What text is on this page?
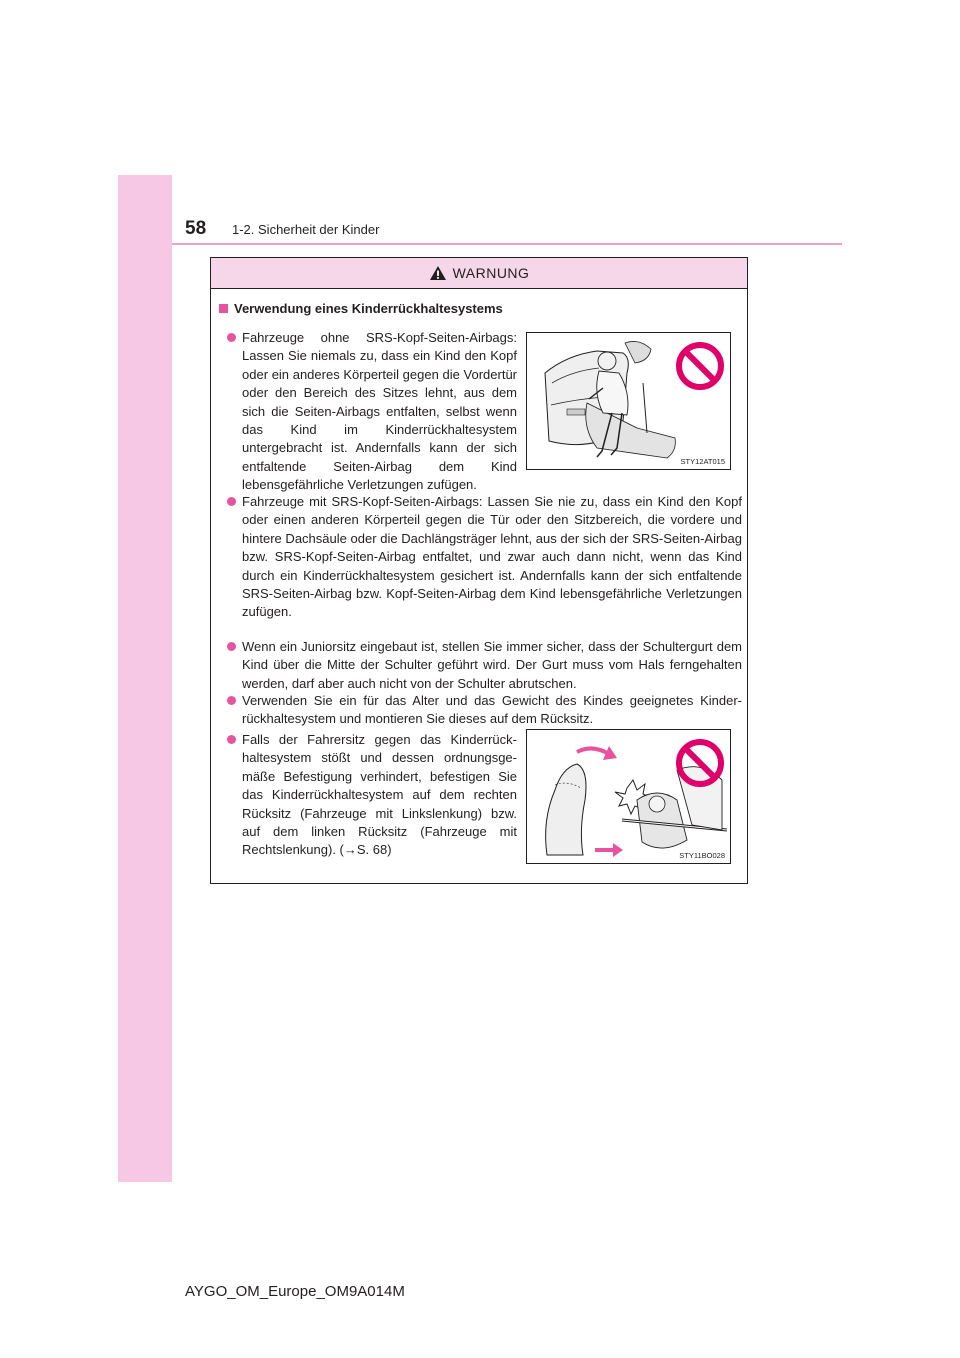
58 1-2. Sicherheit der Kinder
WARNUNG
Verwendung eines Kinderrückhaltesystems
Fahrzeuge ohne SRS-Kopf-Seiten-Airbags: Lassen Sie niemals zu, dass ein Kind den Kopf oder ein anderes Körperteil gegen die Vordertür oder den Bereich des Sitzes lehnt, aus dem sich die Seiten-Airbags entfalten, selbst wenn das Kind im Kinderrückhaltesystem untergebracht ist. Andernfalls kann der sich entfaltende Seiten-Airbag dem Kind lebensgefährliche Verletzungen zufügen.
STY12AT015
Fahrzeuge mit SRS-Kopf-Seiten-Airbags: Lassen Sie nie zu, dass ein Kind den Kopf oder einen anderen Körperteil gegen die Tür oder den Sitzbereich, die vordere und hintere Dachsäule oder die Dachlängsträger lehnt, aus der sich der SRS-Seiten-Airbag bzw. SRS-Kopf-Seiten-Airbag entfaltet, und zwar auch dann nicht, wenn das Kind durch ein Kinderrückhaltesystem gesichert ist. Andernfalls kann der sich entfaltende SRS-Seiten-Airbag bzw. Kopf-Seiten-Airbag dem Kind lebensgefährliche Verletzungen zufügen.
Wenn ein Juniorsitz eingebaut ist, stellen Sie immer sicher, dass der Schultergurt dem Kind über die Mitte der Schulter geführt wird. Der Gurt muss vom Hals ferngehalten werden, darf aber auch nicht von der Schulter abrutschen.
Verwenden Sie ein für das Alter und das Gewicht des Kindes geeignetes Kinderrückhaltesystem und montieren Sie dieses auf dem Rücksitz.
Falls der Fahrersitz gegen das Kinderrückhaltesystem stößt und dessen ordnungsgemäße Befestigung verhindert, befestigen Sie das Kinderrückhaltesystem auf dem rechten Rücksitz (Fahrzeuge mit Linkslenkung) bzw. auf dem linken Rücksitz (Fahrzeuge mit Rechtslenkung). (→S. 68)	STY11BO028
AYGO_OM_Europe_OM9A014M
